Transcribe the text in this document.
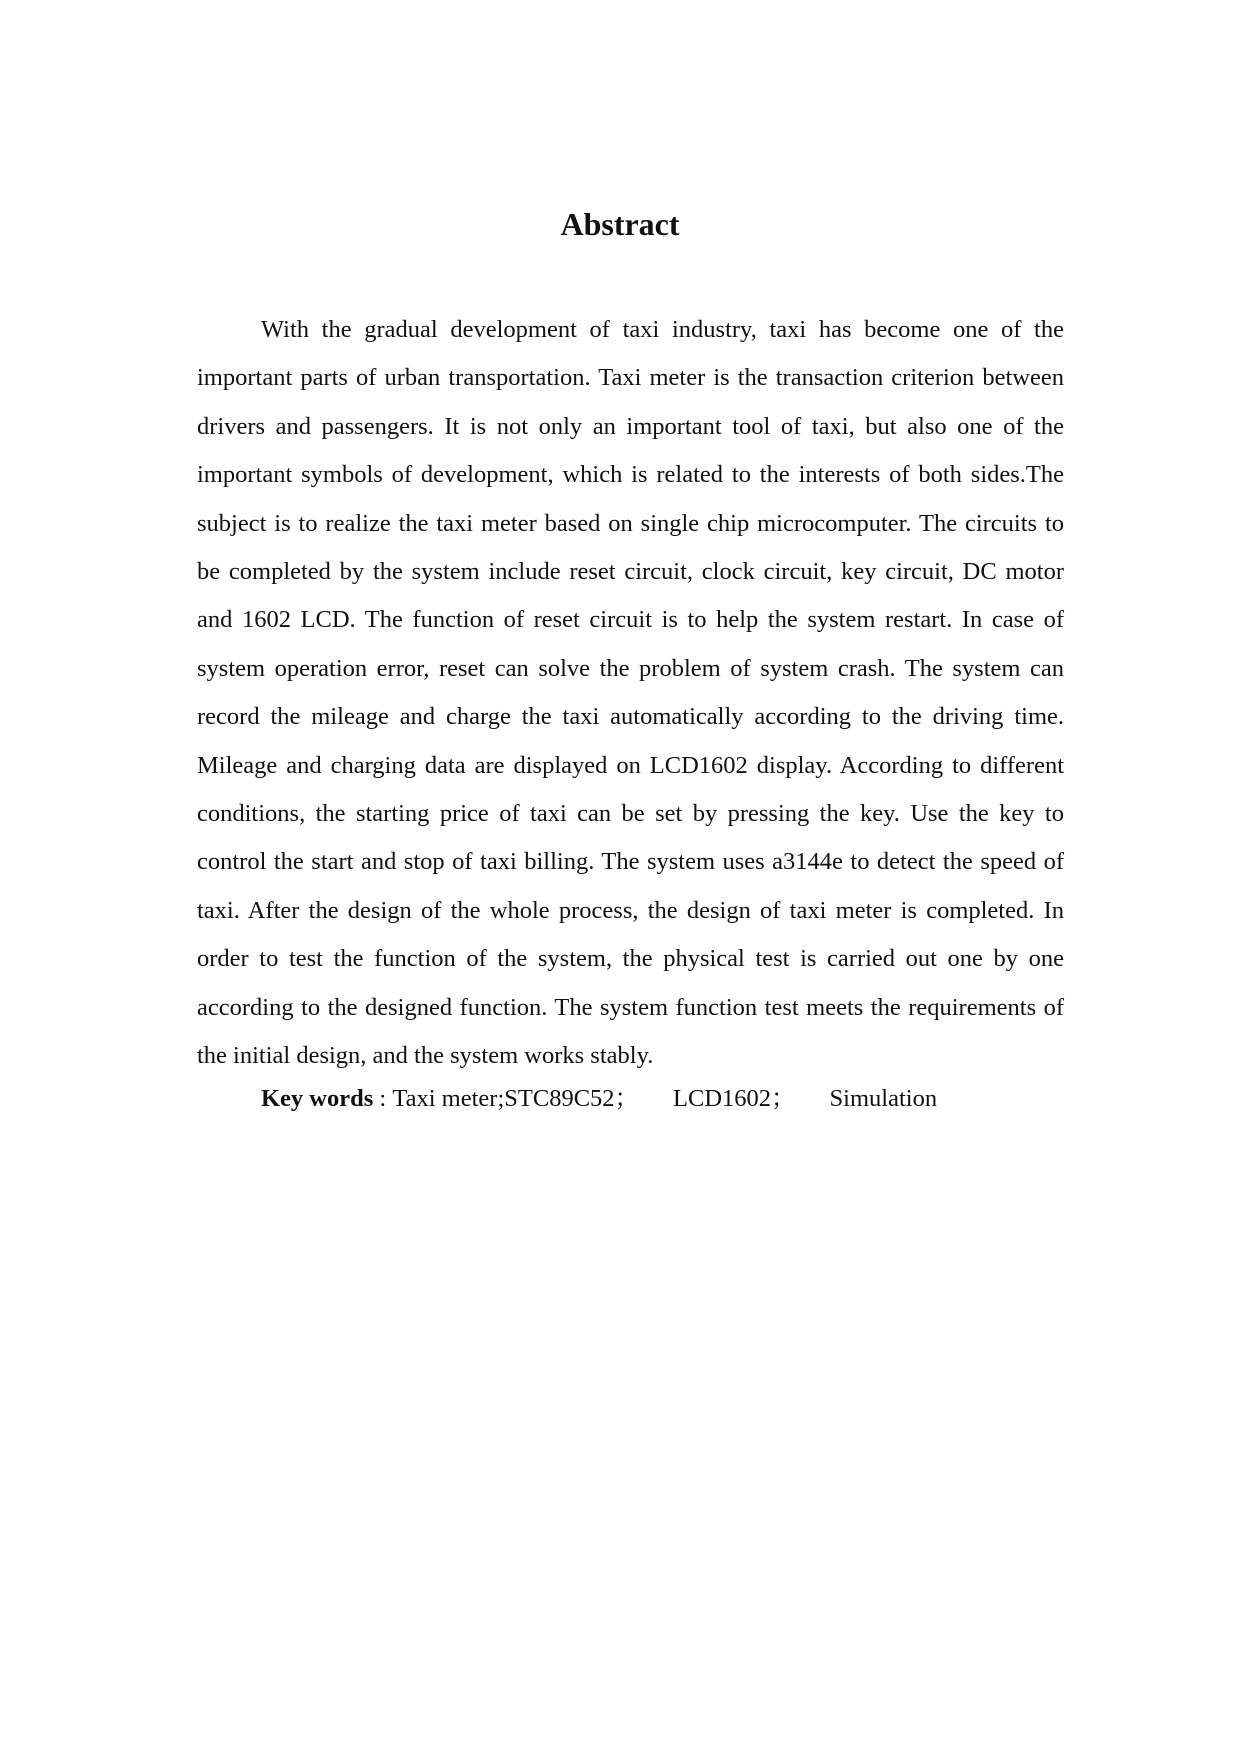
Abstract

With the gradual development of taxi industry, taxi has become one of the important parts of urban transportation. Taxi meter is the transaction criterion between drivers and passengers. It is not only an important tool of taxi, but also one of the important symbols of development, which is related to the interests of both sides.The subject is to realize the taxi meter based on single chip microcomputer. The circuits to be completed by the system include reset circuit, clock circuit, key circuit, DC motor and 1602 LCD. The function of reset circuit is to help the system restart. In case of system operation error, reset can solve the problem of system crash. The system can record the mileage and charge the taxi automatically according to the driving time. Mileage and charging data are displayed on LCD1602 display. According to different conditions, the starting price of taxi can be set by pressing the key. Use the key to control the start and stop of taxi billing. The system uses a3144e to detect the speed of taxi. After the design of the whole process, the design of taxi meter is completed. In order to test the function of the system, the physical test is carried out one by one according to the designed function. The system function test meets the requirements of the initial design, and the system works stably.

Key words : Taxi meter;STC89C52； LCD1602； Simulation
